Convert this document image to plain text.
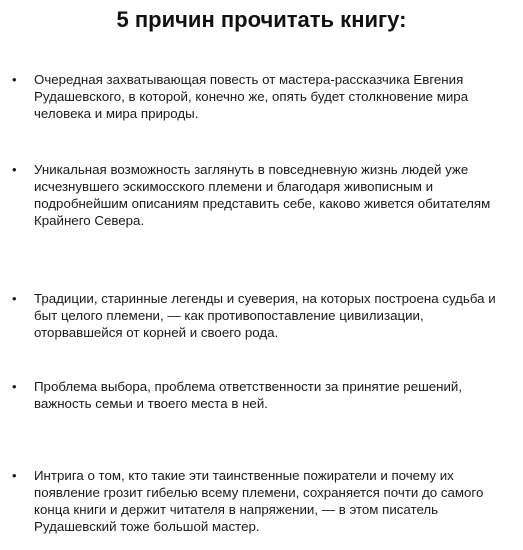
5 причин прочитать книгу:
• Очередная захватывающая повесть от мастера-рассказчика Евгения
Рудашевского, в которой, конечно же, опять будет столкновение мира
человека и мира природы.
• Уникальная возможность заглянуть в повседневную жизнь людей уже
исчезнувшего эскимосского племени и благодаря живописным и
подробнейшим описаниям представить себе, каково живется обитателям
Крайнего Севера.
• Традиции, старинные легенды и суеверия, на которых построена судьба и
быт целого племени, — как противопоставление цивилизации,
оторвавшейся от корней и своего рода.
• Проблема выбора, проблема ответственности за принятие решений,
важность семьи и твоего места в ней.
• Интрига о том, кто такие эти таинственные пожиратели и почему их
появление грозит гибелью всему племени, сохраняется почти до самого
конца книги и держит читателя в напряжении, — в этом писатель
Рудашевский тоже большой мастер.
